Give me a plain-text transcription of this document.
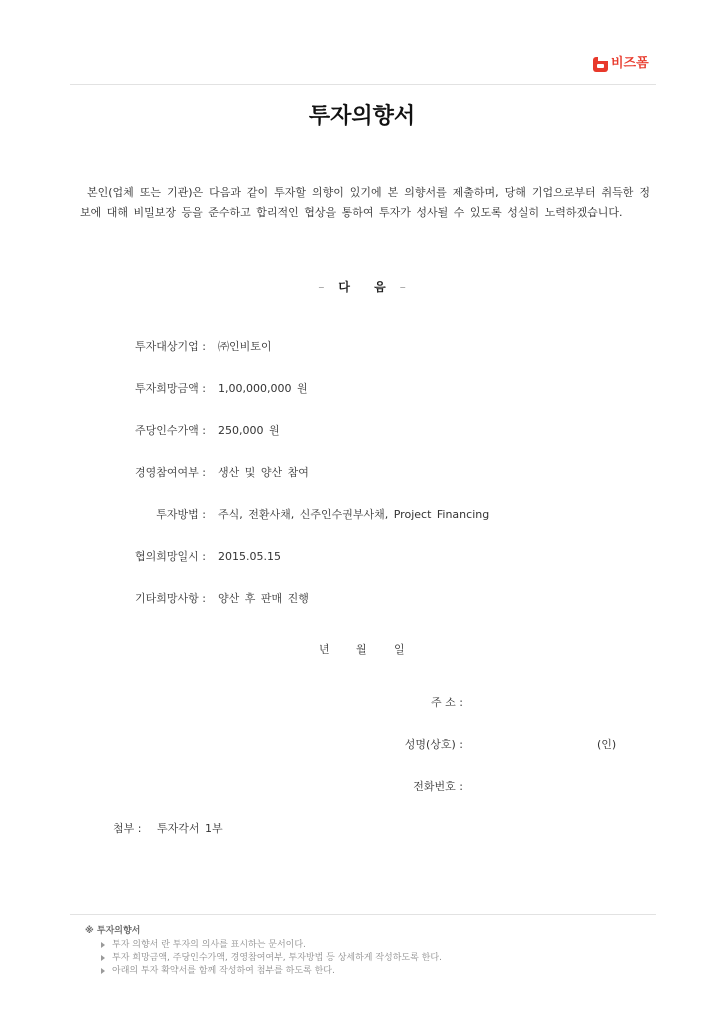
비즈폼
투자의향서
본인(업체 또는 기관)은 다음과 같이 투자할 의향이 있기에 본 의향서를 제출하며, 당해 기업으로부터 취득한 정
보에 대해 비밀보장 등을 준수하고 합리적인 협상을 통하여 투자가 성사될 수 있도록 성실히 노력하겠습니다.
– 다 음 –
투자대상기업 : ㈜인비토이
투자희망금액 : 1,00,000,000 원
주당인수가액 : 250,000 원
경영참여여부 : 생산 및 양산 참여
투자방법 : 주식, 전환사채, 신주인수권부사채, Project Financing
협의희망일시 : 2015.05.15
기타희망사항 : 양산 후 판매 진행
년 월 일
주 소 :
성명(상호) :	(인)
전화번호 :
첨부 : 투자각서 1부
※ 투자의향서
투자 의향서 란 투자의 의사를 표시하는 문서이다.
투자 희망금액, 주당인수가액, 경영참여여부, 투자방법 등 상세하게 작성하도록 한다.
아래의 투자 확약서를 함께 작성하여 첨부를 하도록 한다.
